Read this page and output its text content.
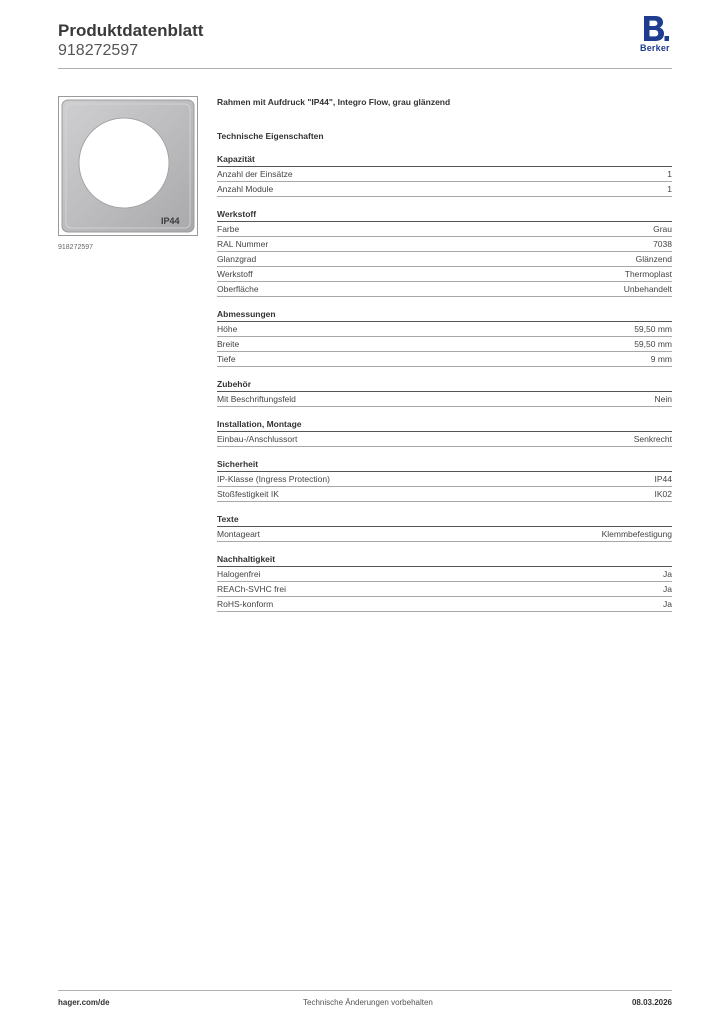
Produktdatenblatt
918272597	Berker
IP44
918272597
Rahmen mit Aufdruck "IP44", Integro Flow, grau glänzend
Technische Eigenschaften
Kapazität
Anzahl der Einsätze	1
Anzahl Module	1
Werkstoff
Farbe	Grau
RAL Nummer	7038
Glanzgrad	Glänzend
Werkstoff	Thermoplast
Oberfläche	Unbehandelt
Abmessungen
Höhe	59,50 mm
Breite	59,50 mm
Tiefe	9 mm
Zubehör
Mit Beschriftungsfeld	Nein
Installation, Montage
Einbau-/Anschlussort	Senkrecht
Sicherheit
IP-Klasse (Ingress Protection)	IP44
Stoßfestigkeit IK	IK02
Texte
Montageart	Klemmbefestigung
Nachhaltigkeit
Halogenfrei	Ja
REACh-SVHC frei	Ja
RoHS-konform	Ja
hager.com/de	Technische Änderungen vorbehalten	08.03.2026
